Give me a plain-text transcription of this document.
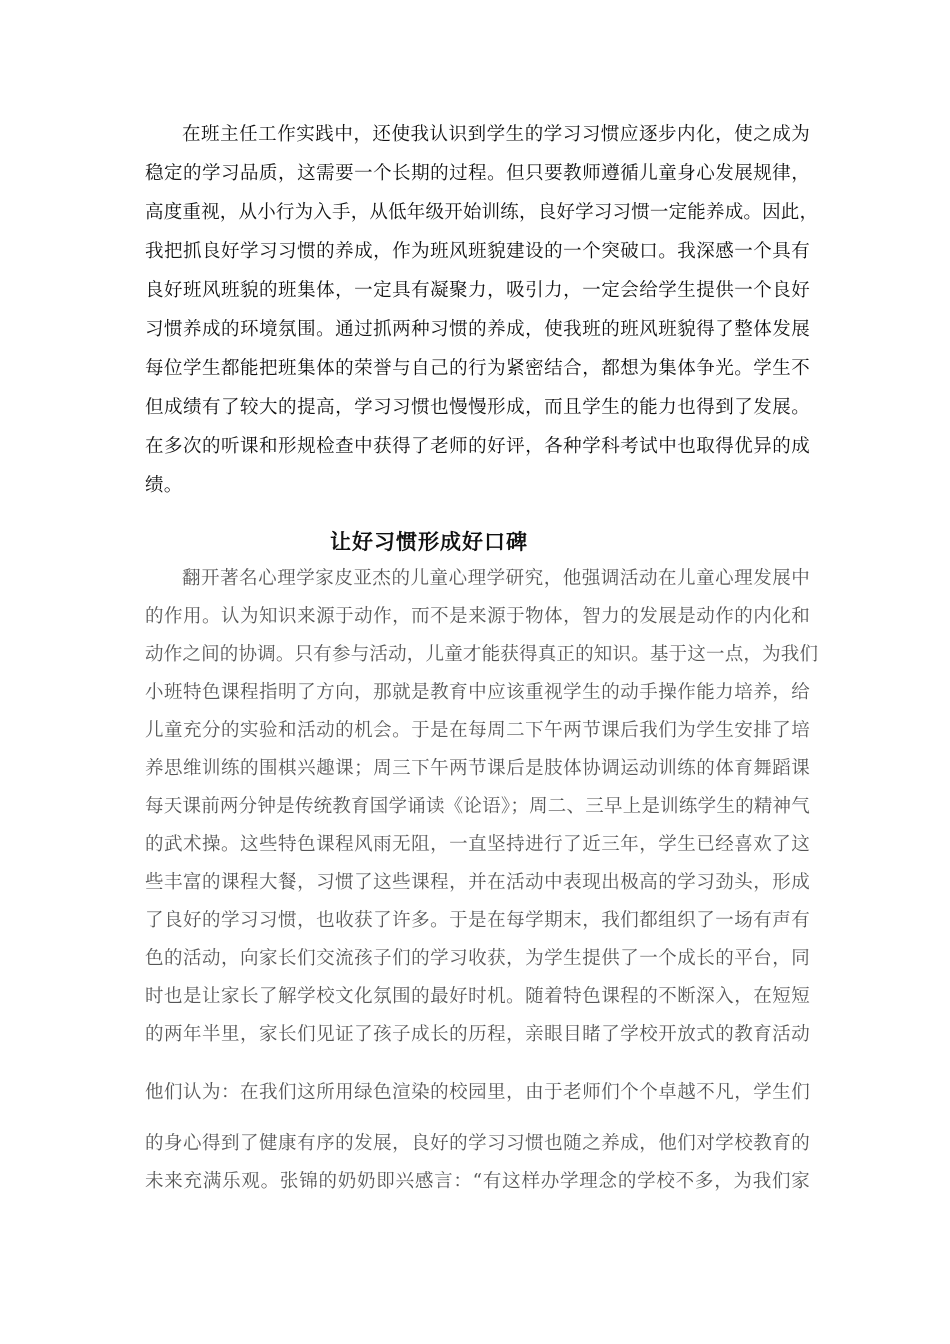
在班主任工作实践中，还使我认识到学生的学习习惯应逐步内化，使之成为
稳定的学习品质，这需要一个长期的过程。但只要教师遵循儿童身心发展规律，
高度重视，从小行为入手，从低年级开始训练，良好学习习惯一定能养成。因此，
我把抓良好学习习惯的养成，作为班风班貌建设的一个突破口。我深感一个具有
良好班风班貌的班集体，一定具有凝聚力，吸引力，一定会给学生提供一个良好
习惯养成的环境氛围。通过抓两种习惯的养成，使我班的班风班貌得了整体发展
每位学生都能把班集体的荣誉与自己的行为紧密结合，都想为集体争光。学生不
但成绩有了较大的提高，学习习惯也慢慢形成，而且学生的能力也得到了发展。
在多次的听课和形规检查中获得了老师的好评，各种学科考试中也取得优异的成
绩。
让好习惯形成好口碑
翻开著名心理学家皮亚杰的儿童心理学研究，他强调活动在儿童心理发展中
的作用。认为知识来源于动作，而不是来源于物体，智力的发展是动作的内化和
动作之间的协调。只有参与活动，儿童才能获得真正的知识。基于这一点，为我们
小班特色课程指明了方向，那就是教育中应该重视学生的动手操作能力培养，给
儿童充分的实验和活动的机会。于是在每周二下午两节课后我们为学生安排了培
养思维训练的围棋兴趣课；周三下午两节课后是肢体协调运动训练的体育舞蹈课
每天课前两分钟是传统教育国学诵读《论语》；周二、三早上是训练学生的精神气
的武术操。这些特色课程风雨无阻，一直坚持进行了近三年，学生已经喜欢了这
些丰富的课程大餐，习惯了这些课程，并在活动中表现出极高的学习劲头，形成
了良好的学习习惯，也收获了许多。于是在每学期末，我们都组织了一场有声有
色的活动，向家长们交流孩子们的学习收获，为学生提供了一个成长的平台，同
时也是让家长了解学校文化氛围的最好时机。随着特色课程的不断深入，在短短
的两年半里，家长们见证了孩子成长的历程，亲眼目睹了学校开放式的教育活动
他们认为：在我们这所用绿色渲染的校园里，由于老师们个个卓越不凡，学生们
的身心得到了健康有序的发展，良好的学习习惯也随之养成，他们对学校教育的
未来充满乐观。张锦的奶奶即兴感言：“有这样办学理念的学校不多，为我们家
